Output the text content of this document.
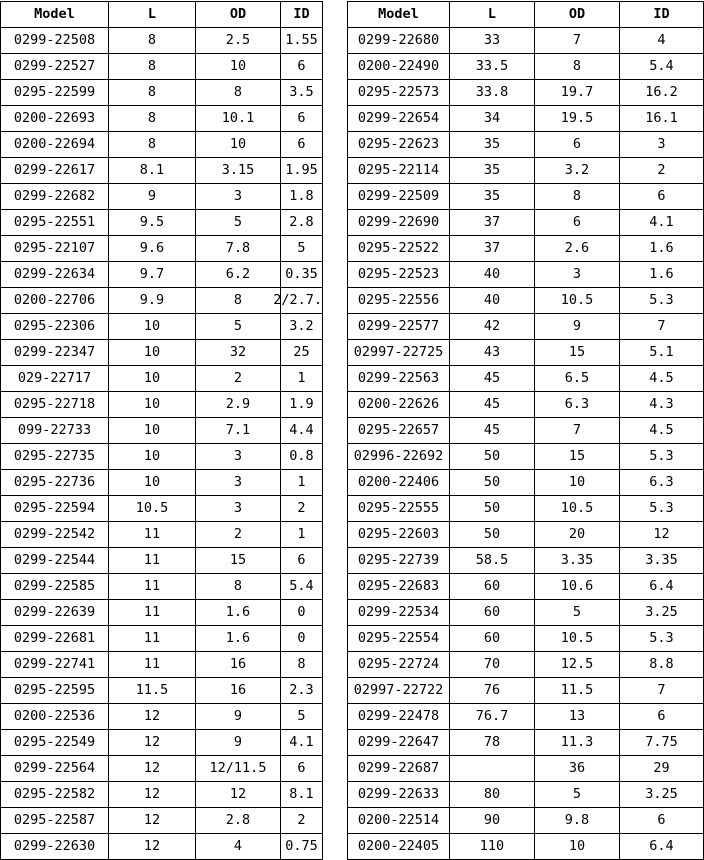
Model	L	OD	ID
0299-22508	8	2.5	1.55
0299-22527	8	10	6
0295-22599	8	8	3.5
0200-22693	8	10.1	6
0200-22694	8	10	6
0299-22617	8.1	3.15	1.95
0299-22682	9	3	1.8
0295-22551	9.5	5	2.8
0295-22107	9.6	7.8	5
0299-22634	9.7	6.2	0.35
0200-22706	9.9	8	.2/2.7
0295-22306	10	5	3.2
0299-22347	10	32	25
029-22717	10	2	1
0295-22718	10	2.9	1.9
099-22733	10	7.1	4.4
0295-22735	10	3	0.8
0295-22736	10	3	1
0295-22594	10.5	3	2
0299-22542	11	2	1
0299-22544	11	15	6
0299-22585	11	8	5.4
0299-22639	11	1.6	0
0299-22681	11	1.6	0
0299-22741	11	16	8
0295-22595	11.5	16	2.3
0200-22536	12	9	5
0295-22549	12	9	4.1
0299-22564	12	12/11.5	6
0295-22582	12	12	8.1
0295-22587	12	2.8	2
0299-22630	12	4	0.75
Model	L	OD	ID
0299-22680	33	7	4
0200-22490	33.5	8	5.4
0295-22573	33.8	19.7	16.2
0299-22654	34	19.5	16.1
0295-22623	35	6	3
0295-22114	35	3.2	2
0299-22509	35	8	6
0299-22690	37	6	4.1
0295-22522	37	2.6	1.6
0295-22523	40	3	1.6
0295-22556	40	10.5	5.3
0299-22577	42	9	7
02997-22725	43	15	5.1
0299-22563	45	6.5	4.5
0200-22626	45	6.3	4.3
0295-22657	45	7	4.5
02996-22692	50	15	5.3
0200-22406	50	10	6.3
0295-22555	50	10.5	5.3
0295-22603	50	20	12
0295-22739	58.5	3.35	3.35
0295-22683	60	10.6	6.4
0299-22534	60	5	3.25
0295-22554	60	10.5	5.3
0295-22724	70	12.5	8.8
02997-22722	76	11.5	7
0299-22478	76.7	13	6
0299-22647	78	11.3	7.75
0299-22687		36	29
0299-22633	80	5	3.25
0200-22514	90	9.8	6
0200-22405	110	10	6.4
